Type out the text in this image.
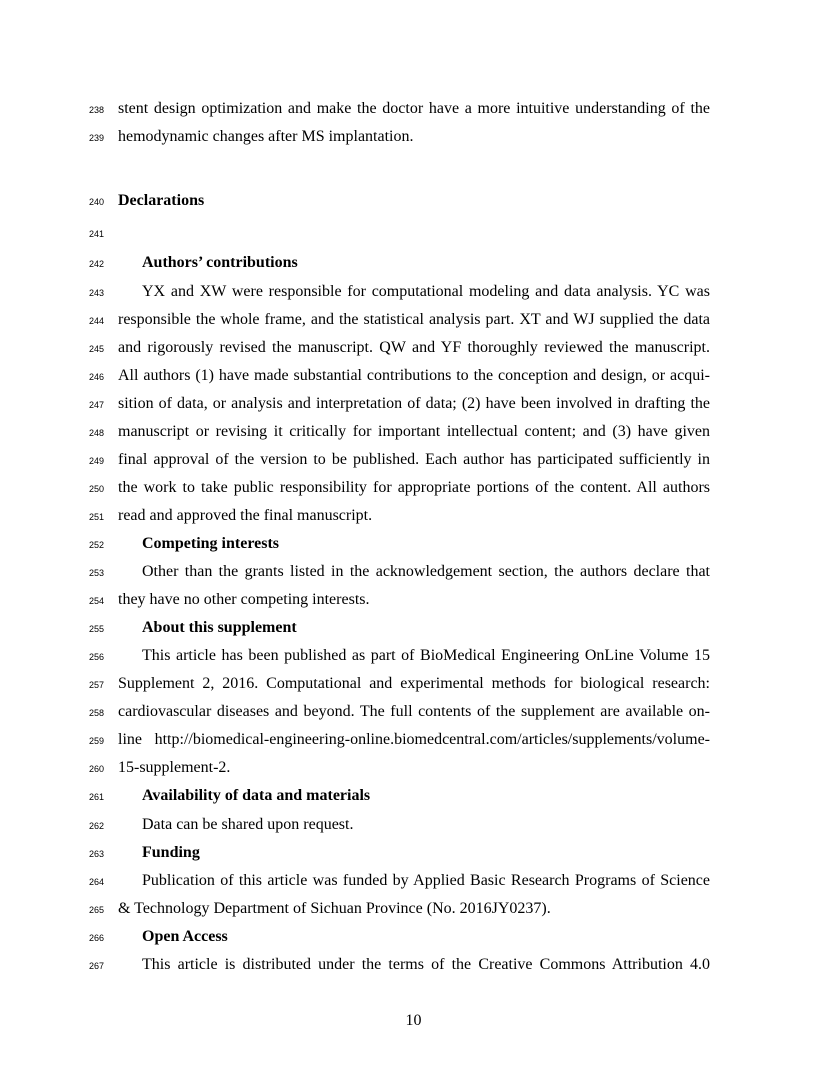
238 stent design optimization and make the doctor have a more intuitive understanding of the
239 hemodynamic changes after MS implantation.
240 Declarations
241
242 Authors’ contributions
243 YX and XW were responsible for computational modeling and data analysis. YC was
244 responsible the whole frame, and the statistical analysis part. XT and WJ supplied the data
245 and rigorously revised the manuscript. QW and YF thoroughly reviewed the manuscript.
246 All authors (1) have made substantial contributions to the conception and design, or acqui-
247 sition of data, or analysis and interpretation of data; (2) have been involved in drafting the
248 manuscript or revising it critically for important intellectual content; and (3) have given
249 final approval of the version to be published. Each author has participated sufficiently in
250 the work to take public responsibility for appropriate portions of the content. All authors
251 read and approved the final manuscript.
252 Competing interests
253 Other than the grants listed in the acknowledgement section, the authors declare that
254 they have no other competing interests.
255 About this supplement
256 This article has been published as part of BioMedical Engineering OnLine Volume 15
257 Supplement 2, 2016. Computational and experimental methods for biological research:
258 cardiovascular diseases and beyond. The full contents of the supplement are available on-
259 line http://biomedical-engineering-online.biomedcentral.com/articles/supplements/volume-
260 15-supplement-2.
261 Availability of data and materials
262 Data can be shared upon request.
263 Funding
264 Publication of this article was funded by Applied Basic Research Programs of Science
265 & Technology Department of Sichuan Province (No. 2016JY0237).
266 Open Access
267 This article is distributed under the terms of the Creative Commons Attribution 4.0
10
